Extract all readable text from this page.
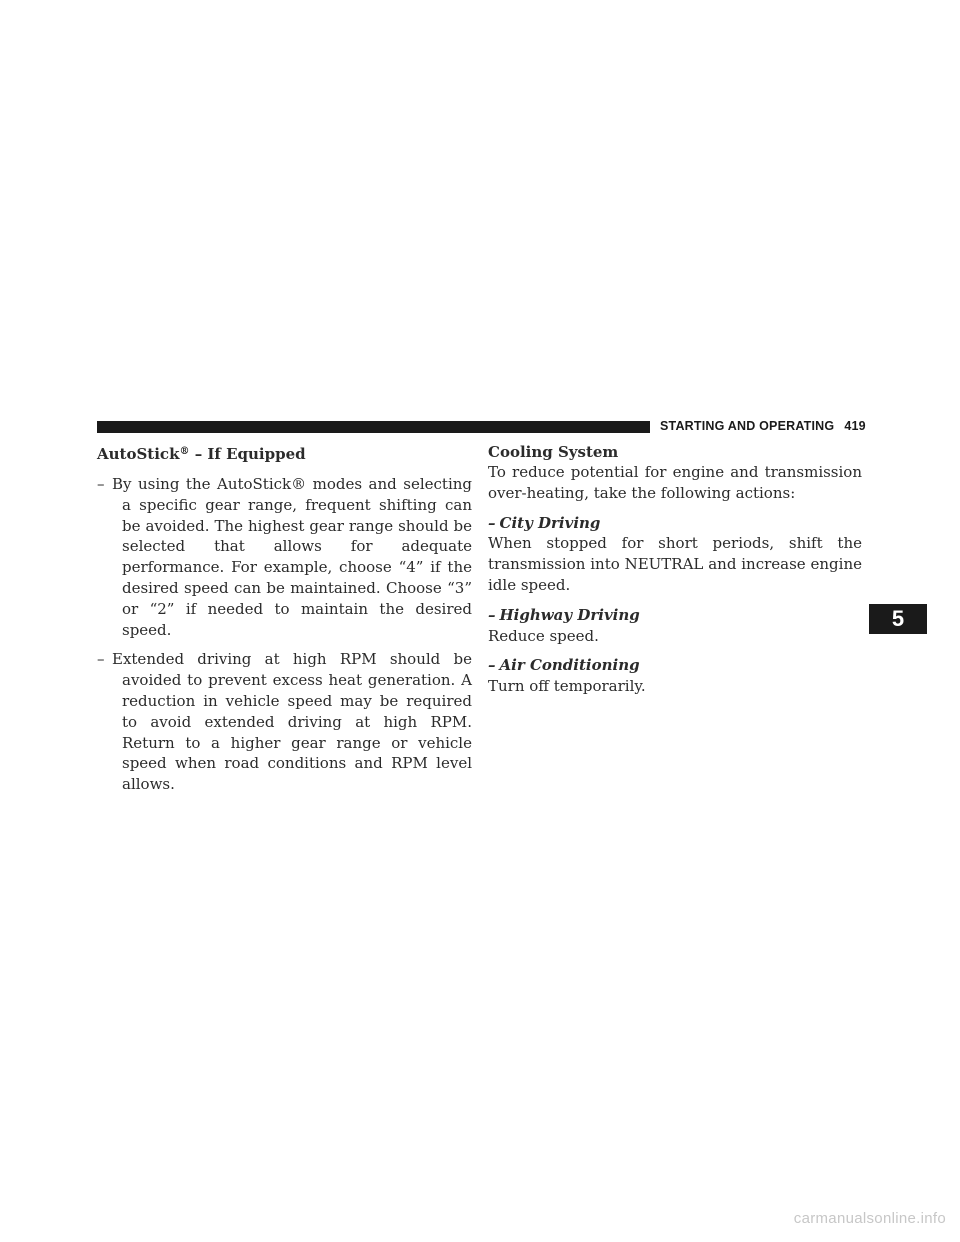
STARTING AND OPERATING 419
AutoStick® – If Equipped
– By using the AutoStick® modes and selecting a specific gear range, frequent shifting can be avoided. The highest gear range should be selected that allows for adequate performance. For example, choose “4” if the desired speed can be maintained. Choose “3” or “2” if needed to maintain the desired speed.
– Extended driving at high RPM should be avoided to prevent excess heat generation. A reduction in vehicle speed may be required to avoid extended driving at high RPM. Return to a higher gear range or vehicle speed when road conditions and RPM level allows.
Cooling System

To reduce potential for engine and transmission over-heating, take the following actions:

– City Driving

When stopped for short periods, shift the transmission into NEUTRAL and increase engine idle speed.

– Highway Driving

Reduce speed.

– Air Conditioning

Turn off temporarily.

5
carmanualsonline.info
